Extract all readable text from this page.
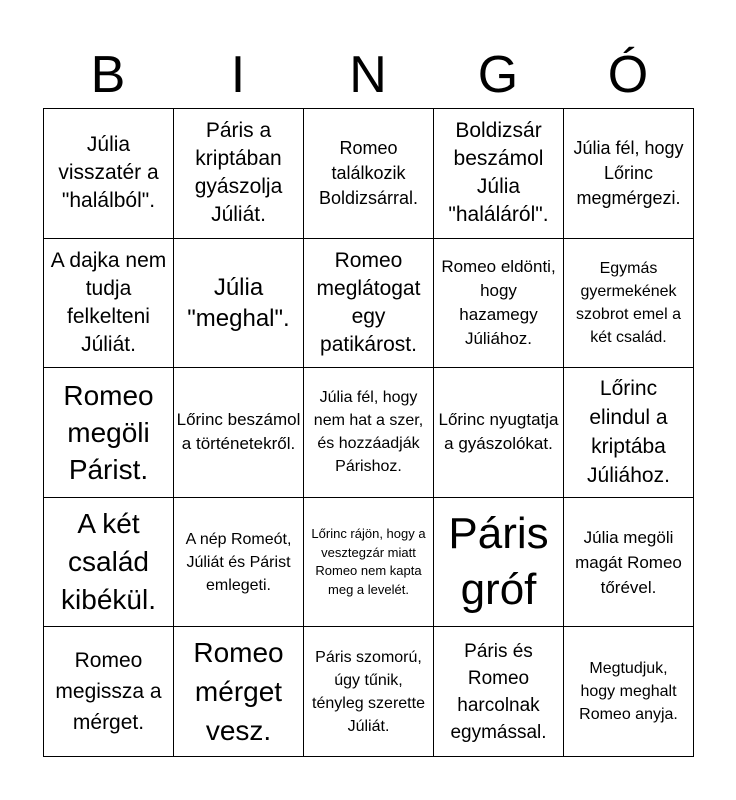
B	I	N	G	Ó
Júlia visszatér a "halálból".
Páris a kriptában gyászolja Júliát.
Romeo találkozik Boldizsárral.
Boldizsár beszámol Júlia "haláláról".
Júlia fél, hogy Lőrinc megmérgezi.
A dajka nem tudja felkelteni Júliát.
Júlia "meghal".
Romeo meglátogat egy patikárost.
Romeo eldönti, hogy hazamegy Júliához.
Egymás gyermekének szobrot emel a két család.
Romeo megöli Párist.
Lőrinc beszámol a történetekről.
Júlia fél, hogy nem hat a szer, és hozzáadják Párishoz.
Lőrinc nyugtatja a gyászolókat.
Lőrinc elindul a kriptába Júliához.
A két család kibékül.
A nép Romeót, Júliát és Párist emlegeti.
Lőrinc rájön, hogy a vesztegzár miatt Romeo nem kapta meg a levelét.
Páris gróf
Júlia megöli magát Romeo tőrével.
Romeo megissza a mérget.
Romeo mérget vesz.
Páris szomorú, úgy tűnik, tényleg szerette Júliát.
Páris és Romeo harcolnak egymással.
Megtudjuk, hogy meghalt Romeo anyja.
